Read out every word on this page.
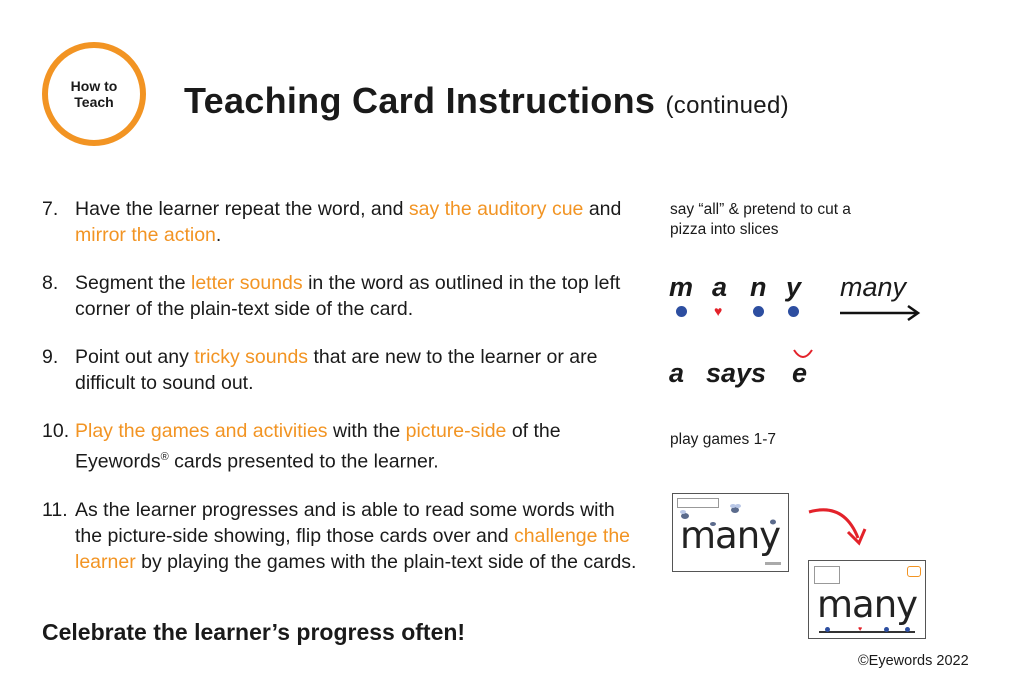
How to
Teach Teaching Card Instructions (continued)
7. Have the learner repeat the word, and say the auditory cue and mirror the action.
8. Segment the letter sounds in the word as outlined in the top left corner of the plain-text side of the card.
9. Point out any tricky sounds that are new to the learner or are difficult to sound out.
10. Play the games and activities with the picture-side of the Eyewords® cards presented to the learner.
11. As the learner progresses and is able to read some words with the picture-side showing, flip those cards over and challenge the learner by playing the games with the plain-text side of the cards.
Celebrate the learner’s progress often!
say “all” & pretend to cut a pizza into slices
m a n y many
♥
a says e
play games 1-7
many
many
♥
©Eyewords 2022
